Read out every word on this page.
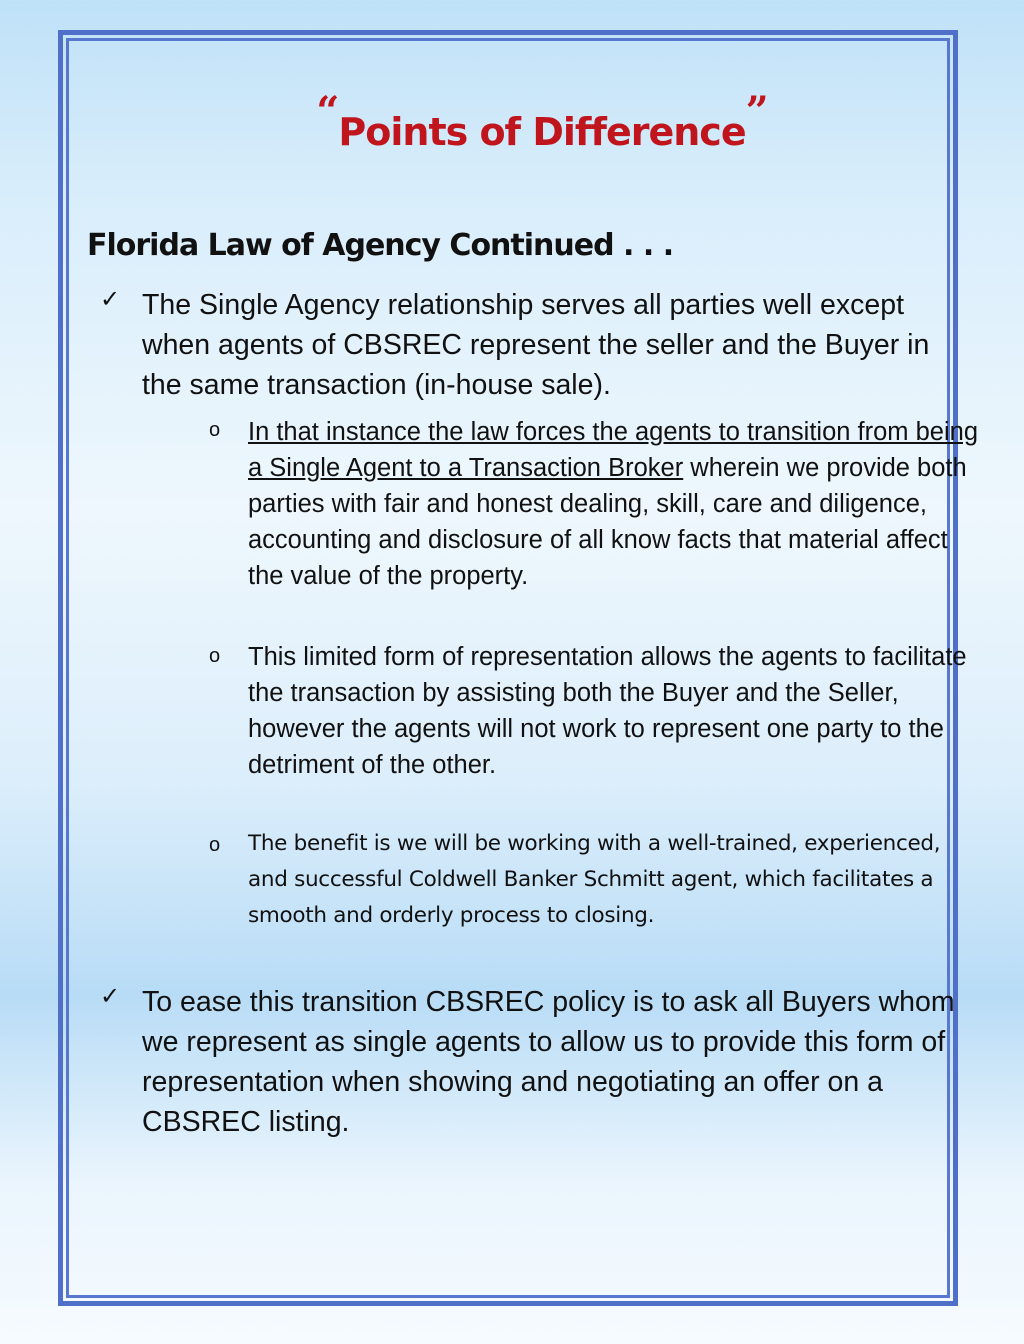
“Points of Difference”
Florida Law of Agency Continued . . .
✓ The Single Agency relationship serves all parties well except when agents of CBSREC represent the seller and the Buyer in the same transaction (in-house sale).
o In that instance the law forces the agents to transition from being a Single Agent to a Transaction Broker wherein we provide both parties with fair and honest dealing, skill, care and diligence, accounting and disclosure of all know facts that material affect the value of the property.
o This limited form of representation allows the agents to facilitate the transaction by assisting both the Buyer and the Seller, however the agents will not work to represent one party to the detriment of the other.
o The benefit is we will be working with a well-trained, experienced, and successful Coldwell Banker Schmitt agent, which facilitates a smooth and orderly process to closing.
✓ To ease this transition CBSREC policy is to ask all Buyers whom we represent as single agents to allow us to provide this form of representation when showing and negotiating an offer on a CBSREC listing.
